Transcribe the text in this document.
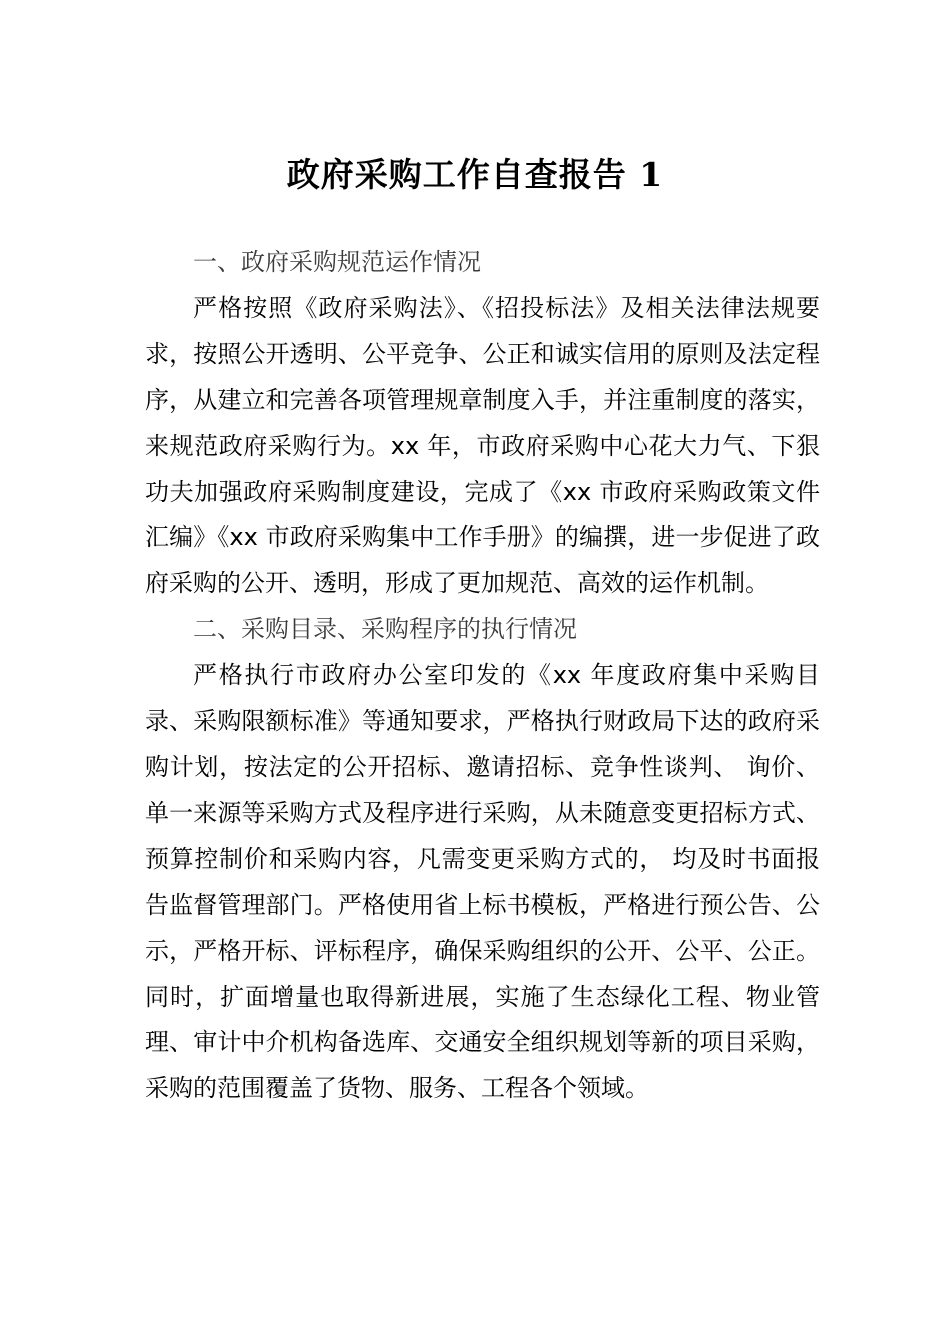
政府采购工作自查报告 1

一、政府采购规范运作情况

严格按照《政府采购法》、《招投标法》及相关法律法规要求，按照公开透明、公平竞争、公正和诚实信用的原则及法定程序，从建立和完善各项管理规章制度入手，并注重制度的落实，来规范政府采购行为。xx 年，市政府采购中心花大力气、下狠功夫加强政府采购制度建设，完成了《xx 市政府采购政策文件汇编》《xx 市政府采购集中工作手册》的编撰，进一步促进了政府采购的公开、透明，形成了更加规范、高效的运作机制。

二、采购目录、采购程序的执行情况

严格执行市政府办公室印发的《xx 年度政府集中采购目录、采购限额标准》等通知要求，严格执行财政局下达的政府采购计划，按法定的公开招标、邀请招标、竞争性谈判、 询价、单一来源等采购方式及程序进行采购，从未随意变更招标方式、预算控制价和采购内容，凡需变更采购方式的， 均及时书面报告监督管理部门。严格使用省上标书模板，严格进行预公告、公示，严格开标、评标程序，确保采购组织的公开、公平、公正。同时，扩面增量也取得新进展，实施了生态绿化工程、物业管理、审计中介机构备选库、交通安全组织规划等新的项目采购，采购的范围覆盖了货物、服务、工程各个领域。
